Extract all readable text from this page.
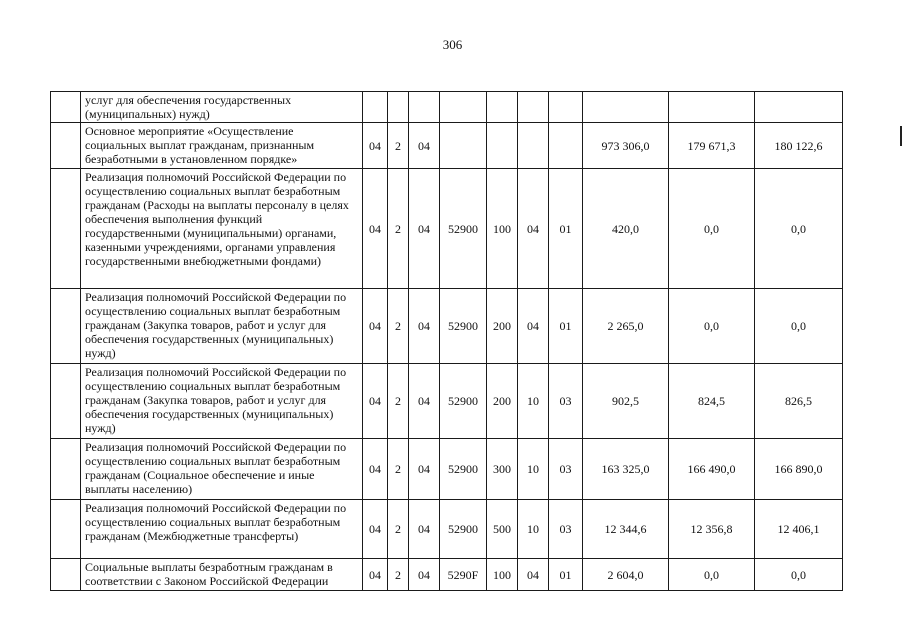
306
	услуг для обеспечения государственных (муниципальных) нужд)										
	Основное мероприятие «Осуществление социальных выплат гражданам, признанным безработными в установленном порядке»	04	2	04					973 306,0	179 671,3	180 122,6
	Реализация полномочий Российской Федерации по осуществлению социальных выплат безработным гражданам (Расходы на выплаты персоналу в целях обеспечения выполнения функций государственными (муниципальными) органами, казенными учреждениями, органами управления государственными внебюджетными фондами)	04	2	04	52900	100	04	01	420,0	0,0	0,0
	Реализация полномочий Российской Федерации по осуществлению социальных выплат безработным гражданам (Закупка товаров, работ и услуг для обеспечения государственных (муниципальных) нужд)	04	2	04	52900	200	04	01	2 265,0	0,0	0,0
	Реализация полномочий Российской Федерации по осуществлению социальных выплат безработным гражданам (Закупка товаров, работ и услуг для обеспечения государственных (муниципальных) нужд)	04	2	04	52900	200	10	03	902,5	824,5	826,5
	Реализация полномочий Российской Федерации по осуществлению социальных выплат безработным гражданам (Социальное обеспечение и иные выплаты населению)	04	2	04	52900	300	10	03	163 325,0	166 490,0	166 890,0
	Реализация полномочий Российской Федерации по осуществлению социальных выплат безработным гражданам (Межбюджетные трансферты)	04	2	04	52900	500	10	03	12 344,6	12 356,8	12 406,1
	Социальные выплаты безработным гражданам в соответствии с Законом Российской Федерации	04	2	04	5290F	100	04	01	2 604,0	0,0	0,0
